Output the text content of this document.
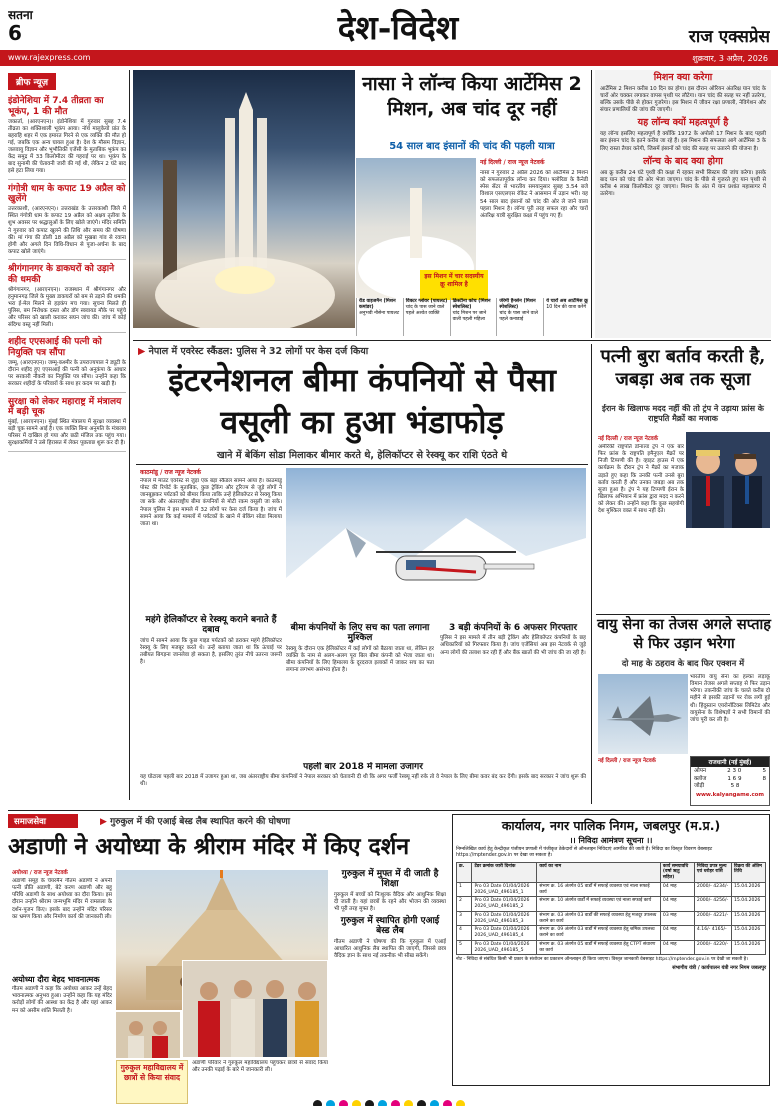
सतना
6	देश-विदेश	राज एक्सप्रेस
www.rajexpress.com	शुक्रवार, 3 अप्रैल, 2026
ब्रीफ न्यूज़
इंडोनेशिया में 7.4 तीव्रता का भूकंप, 1 की मौत
जकार्ता, (आरएनएन)। इंडोनेशिया में गुरुवार सुबह 7.4 तीव्रता का शक्तिशाली भूकंप आया। नॉर्थ मालुकेयो प्रांत के बहराहि शहर में एक इमारत गिरने से एक व्यक्ति की मौत हो गई, जबकि एक अन्य घायल हुआ है। देश के मौसम विज्ञान, जलवायु विज्ञान और भूभौतिकी एजेंसी के मुताबिक भूकंप का केंद्र समुद्र में 33 किलोमीटर की गहराई पर था। भूकंप के बाद सुनामी की चेतावनी जारी की गई थी, लेकिन 2 घंटे बाद इसे हटा लिया गया।
गंगोत्री धाम के कपाट 19 अप्रैल को खुलेंगे
उत्तरकाशी, (आरएनएन)। उत्तराखंड के उत्तरकाशी जिले में स्थित गंगोत्री धाम के कपाट 19 अप्रैल को अक्षय तृतीया के शुभ अवसर पर श्रद्धालुओं के लिए खोले जाएंगे। मंदिर समिति ने गुरुवार को कपाट खुलने की तिथि और समय की घोषणा की। मां गंगा की डोली 18 अप्रैल को मुखबा गांव से रवाना होगी और अगले दिन विधि-विधान से पूजा-अर्चना के बाद कपाट खोले जाएंगे।
श्रीगंगानगर के डाकघरों को उड़ाने की धमकी
श्रीगंगानगर, (आरएनएन)। राजस्थान में श्रीगंगानगर और हनुमानगढ़ जिले के मुख्य डाकघरों को बम से उड़ाने की धमकी भरा ई-मेल मिलने से हड़कंप मच गया। सूचना मिलते ही पुलिस, बम निरोधक दस्ता और डॉग स्क्वायड मौके पर पहुंचे और परिसर को खाली कराकर सघन जांच की। जांच में कोई संदिग्ध वस्तु नहीं मिली।
शहीद एएसआई की पत्नी को नियुक्ति पत्र सौंपा
जम्मू, (आरएनएन)। जम्मू-कश्मीर के उपराज्यपाल ने ड्यूटी के दौरान शहीद हुए एएसआई की पत्नी को अनुकंपा के आधार पर सरकारी नौकरी का नियुक्ति पत्र सौंपा। उन्होंने कहा कि सरकार शहीदों के परिवारों के साथ हर कदम पर खड़ी है।
सुरक्षा को लेकर महाराष्ट्र में मंत्रालय में बड़ी चूक
मुंबई, (आरएनएन)। मुंबई स्थित मंत्रालय में सुरक्षा व्यवस्था में बड़ी चूक सामने आई है। एक व्यक्ति बिना अनुमति के मंत्रालय परिसर में दाखिल हो गया और छठी मंजिल तक पहुंच गया। सुरक्षाकर्मियों ने उसे हिरासत में लेकर पूछताछ शुरू कर दी है।
नासा ने लॉन्च किया आर्टेमिस 2 मिशन, अब चांद दूर नहीं
54 साल बाद इंसानों की चांद की पहली यात्रा
इस मिशन में चार सदस्यीय क्रू शामिल है
नई दिल्ली / राज न्यूज नेटवर्क
नासा ने गुरुवार 2 अप्रैल 2026 को आर्टेमिस 2 मिशन को सफलतापूर्वक लॉन्च कर दिया। फ्लोरिडा के कैनेडी स्पेस सेंटर से भारतीय समयानुसार सुबह 3.54 बजे विशाल एसएलएस रॉकेट ने आसमान में उड़ान भरी। यह 54 साल बाद इंसानों को चांद की ओर ले जाने वाला पहला मिशन है। लॉन्च पूरी तरह सफल रहा और चारों अंतरिक्ष यात्री सुरक्षित कक्षा में पहुंच गए हैं।
रीड वाइजमैन (मिशन कमांडर)
अनुभवी नौसेना पायलट
विक्टर ग्लोवर (पायलट)
चांद के पास जाने वाले पहले अश्वेत व्यक्ति
क्रिस्टीना कोच (मिशन स्पेशलिस्ट)
चांद मिशन पर जाने वाली पहली महिला
जेरेमी हैनसेन (मिशन स्पेशलिस्ट)
चांद के पास जाने वाले पहले कनाडाई
ये चारों अब आर्टेमिस क्रू
10 दिन की यात्रा करेंगे
मिशन क्या करेगा
आर्टेमिस 2 मिशन करीब 10 दिन का होगा। इस दौरान ओरियन अंतरिक्ष यान चांद के चारों ओर चक्कर लगाकर वापस पृथ्वी पर लौटेगा। यान चांद की सतह पर नहीं उतरेगा, बल्कि उसके पीछे से होकर गुजरेगा। इस मिशन में जीवन रक्षा प्रणाली, नेविगेशन और संचार प्रणालियों की जांच की जाएगी।
यह लॉन्च क्यों महत्वपूर्ण है
यह लॉन्च इसलिए महत्वपूर्ण है क्योंकि 1972 के अपोलो 17 मिशन के बाद पहली बार इंसान चांद के इतने करीब जा रहे हैं। इस मिशन की सफलता आगे आर्टेमिस 3 के लिए रास्ता तैयार करेगी, जिसमें इंसानों को चांद की सतह पर उतारने की योजना है।
लॉन्च के बाद क्या होगा
अब क्रू करीब 24 घंटे पृथ्वी की कक्षा में रहकर सभी सिस्टम की जांच करेगा। इसके बाद यान को चांद की ओर भेजा जाएगा। चांद के पीछे से गुजरते हुए यान पृथ्वी से करीब 4 लाख किलोमीटर दूर जाएगा। मिशन के अंत में यान प्रशांत महासागर में उतरेगा।
▶ नेपाल में एवरेस्ट स्कैंडल: पुलिस ने 32 लोगों पर केस दर्ज किया
इंटरनेशनल बीमा कंपनियों से पैसा वसूली का हुआ भंडाफोड़
खाने में बेकिंग सोडा मिलाकर बीमार करते थे, हेलिकॉप्टर से रेस्क्यू कर राशि एंठते थे
काठमांडू / राज न्यूज नेटवर्क
नेपाल में माउंट एवरेस्ट से जुड़ा एक बड़ा स्कैंडल सामने आया है। काठमांडू पोस्ट की रिपोर्ट के मुताबिक, कुछ ट्रेकिंग और टूरिज्म से जुड़े लोगों ने जानबूझकर पर्यटकों को बीमार किया ताकि उन्हें हेलिकॉप्टर से रेस्क्यू किया जा सके और अंतरराष्ट्रीय बीमा कंपनियों से मोटी रकम वसूली जा सके। नेपाल पुलिस ने इस मामले में 32 लोगों पर केस दर्ज किया है। जांच में सामने आया कि कई मामलों में पर्यटकों के खाने में बेकिंग सोडा मिलाया जाता था।
बीमा कंपनियों के लिए सच का पता लगाना मुश्किल
रेस्क्यू के दौरान एक हेलिकॉप्टर में कई लोगों को बैठाया जाता था, लेकिन हर व्यक्ति के नाम से अलग-अलग पूरा बिल बीमा कंपनी को भेजा जाता था। बीमा कंपनियों के लिए हिमालय के दूरदराज इलाकों में जाकर सच का पता लगाना लगभग असंभव होता है।
3 बड़ी कंपनियों के 6 अफसर गिरफ्तार
पुलिस ने इस मामले में तीन बड़ी ट्रेकिंग और हेलिकॉप्टर कंपनियों के छह अधिकारियों को गिरफ्तार किया है। जांच एजेंसियां अब इस नेटवर्क से जुड़े अन्य लोगों की तलाश कर रही हैं और बैंक खातों की भी जांच की जा रही है।
महंगे हेलिकॉप्टर से रेस्क्यू कराने बनाते हैं दबाव
जांच में सामने आया कि कुछ गाइड पर्यटकों को डराकर महंगे हेलिकॉप्टर रेस्क्यू के लिए मजबूर करते थे। उन्हें बताया जाता था कि ऊंचाई पर तबीयत बिगड़ना जानलेवा हो सकता है, इसलिए तुरंत नीचे उतरना जरूरी है।
पहली बार 2018 में मामला उजागर
यह घोटाला पहली बार 2018 में उजागर हुआ था, जब अंतरराष्ट्रीय बीमा कंपनियों ने नेपाल सरकार को चेतावनी दी थी कि अगर फर्जी रेस्क्यू नहीं रुके तो वे नेपाल के लिए बीमा कवर बंद कर देंगी। इसके बाद सरकार ने जांच शुरू की थी।
पत्नी बुरा बर्ताव करती है, जबड़ा अब तक सूजा
ईरान के खिलाफ मदद नहीं की तो ट्रंप ने उड़ाया फ्रांस के राष्ट्रपति मैक्रों का मजाक
नई दिल्ली / राज न्यूज नेटवर्क
अमेरिकी राष्ट्रपति डोनाल्ड ट्रंप ने एक बार फिर फ्रांस के राष्ट्रपति इमैनुएल मैक्रों पर निजी टिप्पणी की है। व्हाइट हाउस में एक कार्यक्रम के दौरान ट्रंप ने मैक्रों का मजाक उड़ाते हुए कहा कि उनकी पत्नी उनसे बुरा बर्ताव करती हैं और उनका जबड़ा अब तक सूजा हुआ है। ट्रंप ने यह टिप्पणी ईरान के खिलाफ अभियान में फ्रांस द्वारा मदद न करने को लेकर की। उन्होंने कहा कि कुछ सहयोगी देश मुश्किल वक्त में साथ नहीं देते।
वायु सेना का तेजस अगले सप्ताह से फिर उड़ान भरेगा
दो माह के ठहराव के बाद फिर एक्शन में
नई दिल्ली / राज न्यूज नेटवर्क
भारतीय वायु सेना का हल्का लड़ाकू विमान तेजस अगले सप्ताह से फिर उड़ान भरेगा। तकनीकी जांच के चलते करीब दो महीने से इसकी उड़ानों पर रोक लगी हुई थी। हिंदुस्तान एयरोनॉटिक्स लिमिटेड और वायुसेना के विशेषज्ञों ने सभी विमानों की जांच पूरी कर ली है।
राजधानी (नई मुंबई)
ओपन	2 3 0	5
क्लोज	1 6 9	8
जोड़ी	5 8
www.kalyangame.com
समाजसेवा	▶ गुरुकुल में की एआई बेस्ड लैब स्थापित करने की घोषणा
अडाणी ने अयोध्या के श्रीराम मंदिर में किए दर्शन
अयोध्या / राज न्यूज नेटवर्क
अडाणी समूह के चेयरमैन गौतम अडाणी ने अपनी पत्नी प्रीति अडाणी, बेटे करण अडाणी और बहू परिधि अडाणी के साथ अयोध्या का दौरा किया। इस दौरान उन्होंने श्रीराम जन्मभूमि मंदिर में रामलला के दर्शन-पूजन किए। इसके बाद उन्होंने मंदिर परिसर का भ्रमण किया और निर्माण कार्य की जानकारी ली।
अयोध्या दौरा बेहद भावनात्मक
गौतम अडाणी ने कहा कि अयोध्या आकर उन्हें बेहद भावनात्मक अनुभव हुआ। उन्होंने कहा कि यह मंदिर करोड़ों लोगों की आस्था का केंद्र है और यहां आकर मन को असीम शांति मिलती है।
गुरुकुल महाविद्यालय में छात्रों से किया संवाद
अडाणी परिवार ने गुरुकुल महाविद्यालय पहुंचकर छात्रों से संवाद किया और उनकी पढ़ाई के बारे में जानकारी ली।
गुरुकुल में मुफ्त में दी जाती है शिक्षा
गुरुकुल में बच्चों को निःशुल्क वैदिक और आधुनिक शिक्षा दी जाती है। यहां छात्रों के रहने और भोजन की व्यवस्था भी पूरी तरह मुफ्त है।
गुरुकुल में स्थापित होगी एआई बेस्ड लैब
गौतम अडाणी ने घोषणा की कि गुरुकुल में एआई आधारित आधुनिक लैब स्थापित की जाएगी, जिससे छात्र वैदिक ज्ञान के साथ नई तकनीक भी सीख सकेंगे।
कार्यालय, नगर पालिक निगम, जबलपुर (म.प्र.)
।। निविदा आमंत्रण सूचना ।।
निम्नलिखित कार्य हेतु केन्द्रीकृत पंजीयन प्रणाली में पंजीकृत ठेकेदारों से ऑनलाइन निविदाएं आमंत्रित की जाती हैं। निविदा का विस्तृत विवरण वेबसाइट https://mptender.gov.in पर देखा जा सकता है।
क्र.	टेंडर क्रमांक जारी दिनांक	कार्य का नाम	कार्य समयावधि (वर्षा ऋतु सहित)	निविदा प्रपत्र मूल्य एवं धरोहर राशि	विक्रय की अंतिम तिथि
1	Pro 03 Date 01/04/2026 2026_UAD_496185_1	संभाग क्र. 16 अंतर्गत 05 वार्डों में सफाई व्यवस्था एवं नाला सफाई कार्य	04 माह	2000/- 4234/-	15.04.2026
2	Pro 03 Date 01/04/2026 2026_UAD_496185_2	संभाग क्र. 10 अंतर्गत वार्डों में सफाई व्यवस्था एवं नाला सफाई कार्य	04 माह	2000/- 4256/-	15.04.2026
3	Pro 03 Date 01/04/2026 2026_UAD_496185_3	संभाग क्र. 03 अंतर्गत 03 वार्डों की सफाई व्यवस्था हेतु मजदूर उपलब्ध कराने का कार्य	03 माह	2000/- 4221/-	15.04.2026
4	Pro 03 Date 01/04/2026 2026_UAD_496185_4	संभाग क्र. 09 अंतर्गत 03 वार्डों में सफाई व्यवस्था हेतु श्रमिक उपलब्ध कराने का कार्य	04 माह	4.16/- 4165/-	15.04.2026
5	Pro 03 Date 01/04/2026 2026_UAD_496185_5	संभाग क्र. 03 अंतर्गत 05 वार्डों में सफाई व्यवस्था हेतु CTPT संधारण का कार्य	04 माह	2000/- 4220/-	15.04.2026
नोट - निविदा से संबंधित किसी भी प्रकार के संशोधन का प्रकाशन ऑनलाइन ही किया जाएगा। विस्तृत जानकारी वेबसाइट https://mptender.gov.in पर देखी जा सकती है।
संभागीय यंत्री / कार्यपालन यंत्री नगर निगम जबलपुर
